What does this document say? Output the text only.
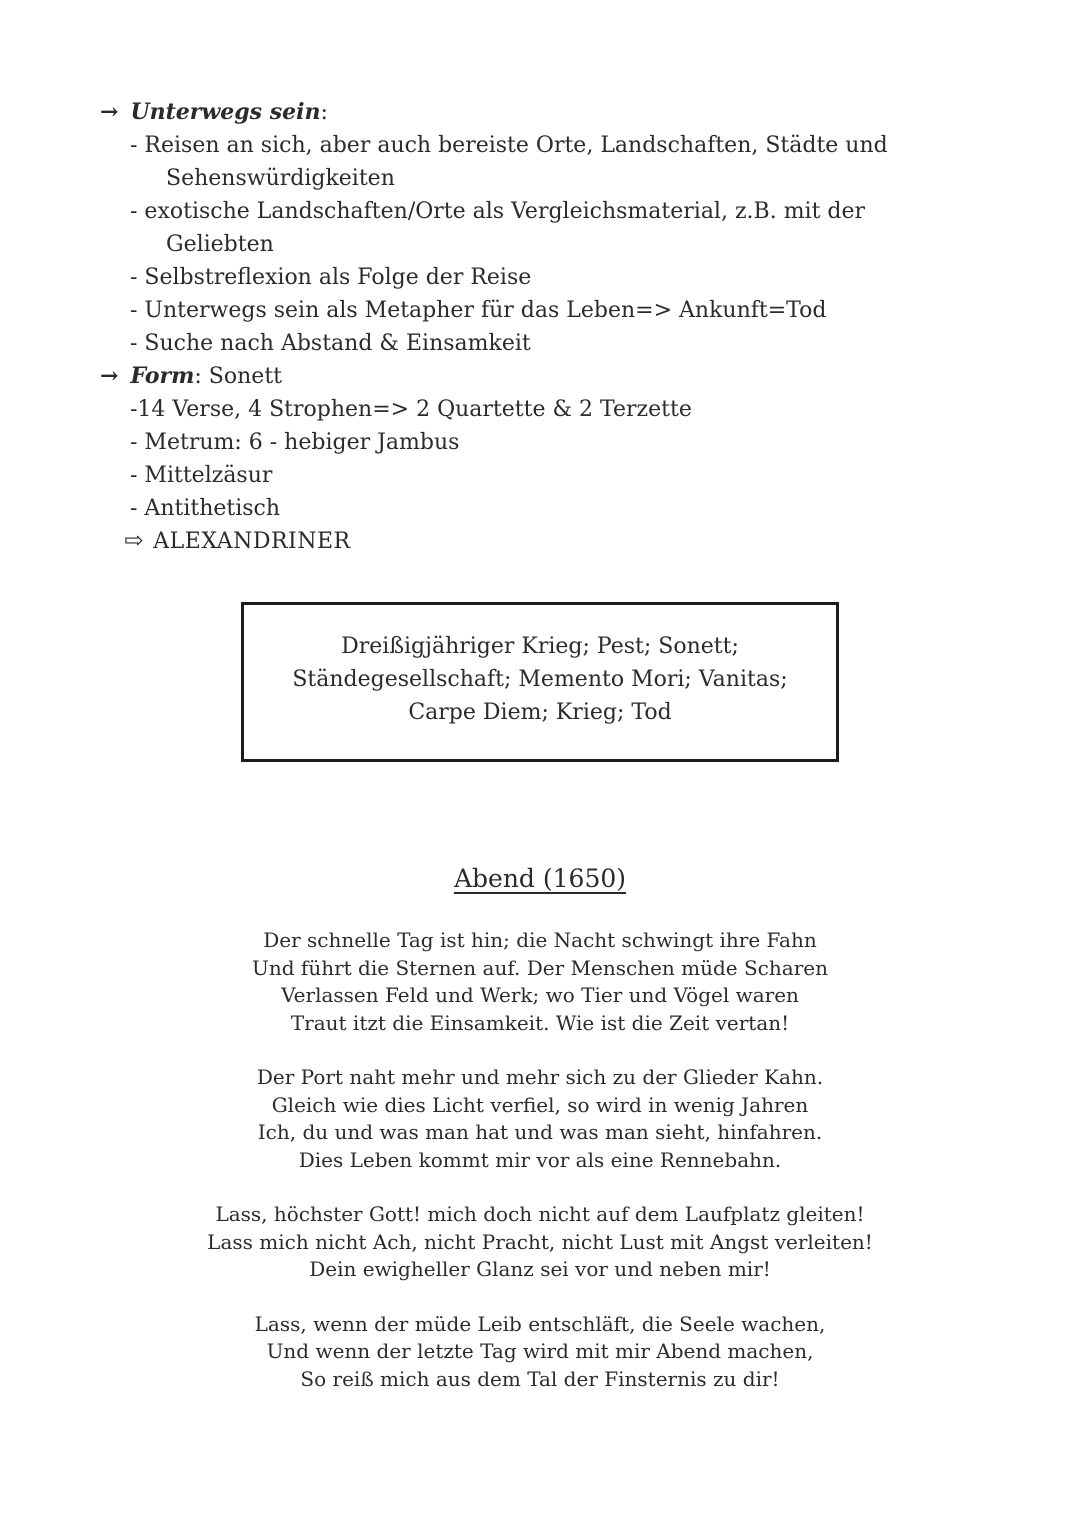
→ Unterwegs sein:
- Reisen an sich, aber auch bereiste Orte, Landschaften, Städte und
Sehenswürdigkeiten
- exotische Landschaften/Orte als Vergleichsmaterial, z.B. mit der
Geliebten
- Selbstreflexion als Folge der Reise
- Unterwegs sein als Metapher für das Leben=> Ankunft=Tod
- Suche nach Abstand & Einsamkeit
→ Form: Sonett
-14 Verse, 4 Strophen=> 2 Quartette & 2 Terzette
- Metrum: 6 - hebiger Jambus
- Mittelzäsur
- Antithetisch
⇨ ALEXANDRINER
Dreißigjähriger Krieg; Pest; Sonett;
Ständegesellschaft; Memento Mori; Vanitas;
Carpe Diem; Krieg; Tod
Abend (1650)
Der schnelle Tag ist hin; die Nacht schwingt ihre Fahn
Und führt die Sternen auf. Der Menschen müde Scharen
Verlassen Feld und Werk; wo Tier und Vögel waren
Traut itzt die Einsamkeit. Wie ist die Zeit vertan!
Der Port naht mehr und mehr sich zu der Glieder Kahn.
Gleich wie dies Licht verfiel, so wird in wenig Jahren
Ich, du und was man hat und was man sieht, hinfahren.
Dies Leben kommt mir vor als eine Rennebahn.
Lass, höchster Gott! mich doch nicht auf dem Laufplatz gleiten!
Lass mich nicht Ach, nicht Pracht, nicht Lust mit Angst verleiten!
Dein ewigheller Glanz sei vor und neben mir!
Lass, wenn der müde Leib entschläft, die Seele wachen,
Und wenn der letzte Tag wird mit mir Abend machen,
So reiß mich aus dem Tal der Finsternis zu dir!
